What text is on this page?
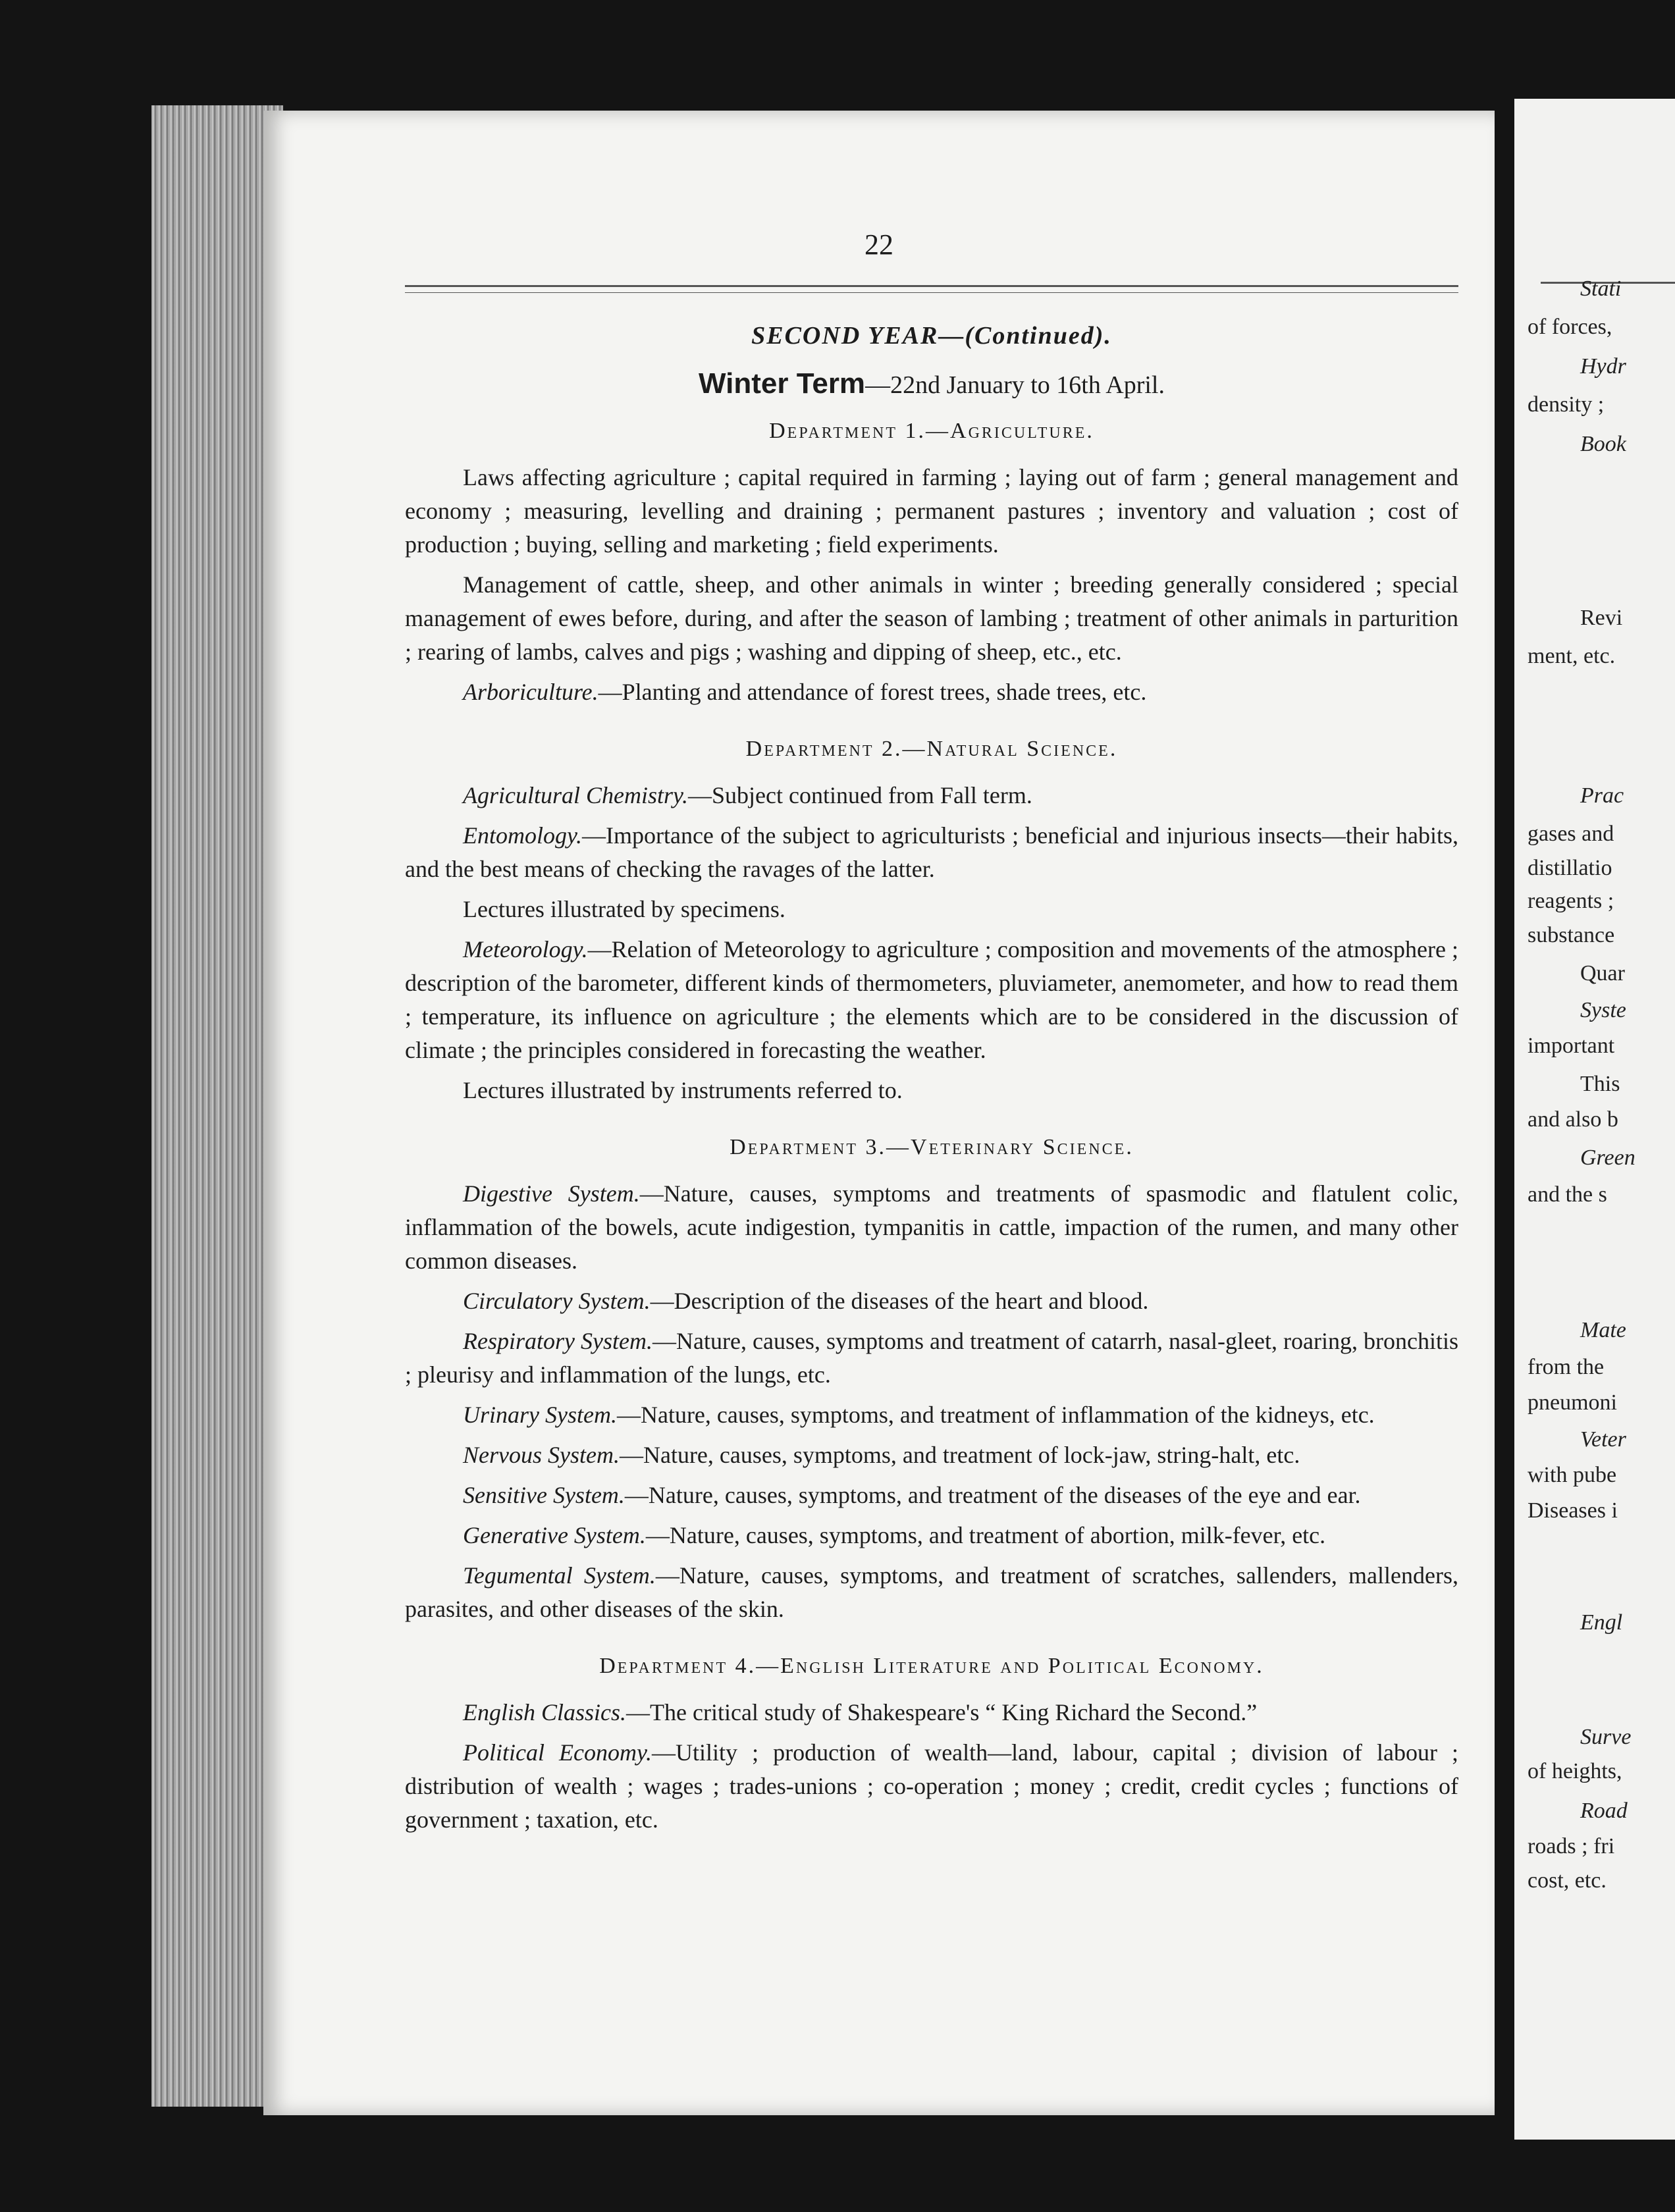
22
SECOND YEAR—(Continued).
Winter Term—22nd January to 16th April.
Department 1.—Agriculture.

Laws affecting agriculture ; capital required in farming ; laying out of farm ; general management and economy ; measuring, levelling and draining ; permanent pastures ; inventory and valuation ; cost of production ; buying, selling and marketing ; field experiments.

Management of cattle, sheep, and other animals in winter ; breeding generally considered ; special management of ewes before, during, and after the season of lambing ; treatment of other animals in parturition ; rearing of lambs, calves and pigs ; washing and dipping of sheep, etc., etc.

Arboriculture.—Planting and attendance of forest trees, shade trees, etc.

Department 2.—Natural Science.

Agricultural Chemistry.—Subject continued from Fall term.

Entomology.—Importance of the subject to agriculturists ; beneficial and injurious insects—their habits, and the best means of checking the ravages of the latter.

Lectures illustrated by specimens.

Meteorology.—Relation of Meteorology to agriculture ; composition and movements of the atmosphere ; description of the barometer, different kinds of thermometers, pluviameter, anemometer, and how to read them ; temperature, its influence on agriculture ; the elements which are to be considered in the discussion of climate ; the principles considered in forecasting the weather.

Lectures illustrated by instruments referred to.

Department 3.—Veterinary Science.

Digestive System.—Nature, causes, symptoms and treatments of spasmodic and flatulent colic, inflammation of the bowels, acute indigestion, tympanitis in cattle, impaction of the rumen, and many other common diseases.

Circulatory System.—Description of the diseases of the heart and blood.

Respiratory System.—Nature, causes, symptoms and treatment of catarrh, nasal-gleet, roaring, bronchitis ; pleurisy and inflammation of the lungs, etc.

Urinary System.—Nature, causes, symptoms, and treatment of inflammation of the kidneys, etc.

Nervous System.—Nature, causes, symptoms, and treatment of lock-jaw, string-halt, etc.

Sensitive System.—Nature, causes, symptoms, and treatment of the diseases of the eye and ear.

Generative System.—Nature, causes, symptoms, and treatment of abortion, milk-fever, etc.

Tegumental System.—Nature, causes, symptoms, and treatment of scratches, sallenders, mallenders, parasites, and other diseases of the skin.

Department 4.—English Literature and Political Economy.

English Classics.—The critical study of Shakespeare's “ King Richard the Second.”

Political Economy.—Utility ; production of wealth—land, labour, capital ; division of labour ; distribution of wealth ; wages ; trades-unions ; co-operation ; money ; credit, credit cycles ; functions of government ; taxation, etc.

Stati
of forces,
Hydr
density ;
Book
Revi
ment, etc.
Prac
gases and
distillatio
reagents ;
substance
Quar
Syste
important
This
and also b
Green
and the s
Mate
from the
pneumoni
Veter
with pube
Diseases i
Engl
Surve
of heights,
Road
roads ; fri
cost, etc.
